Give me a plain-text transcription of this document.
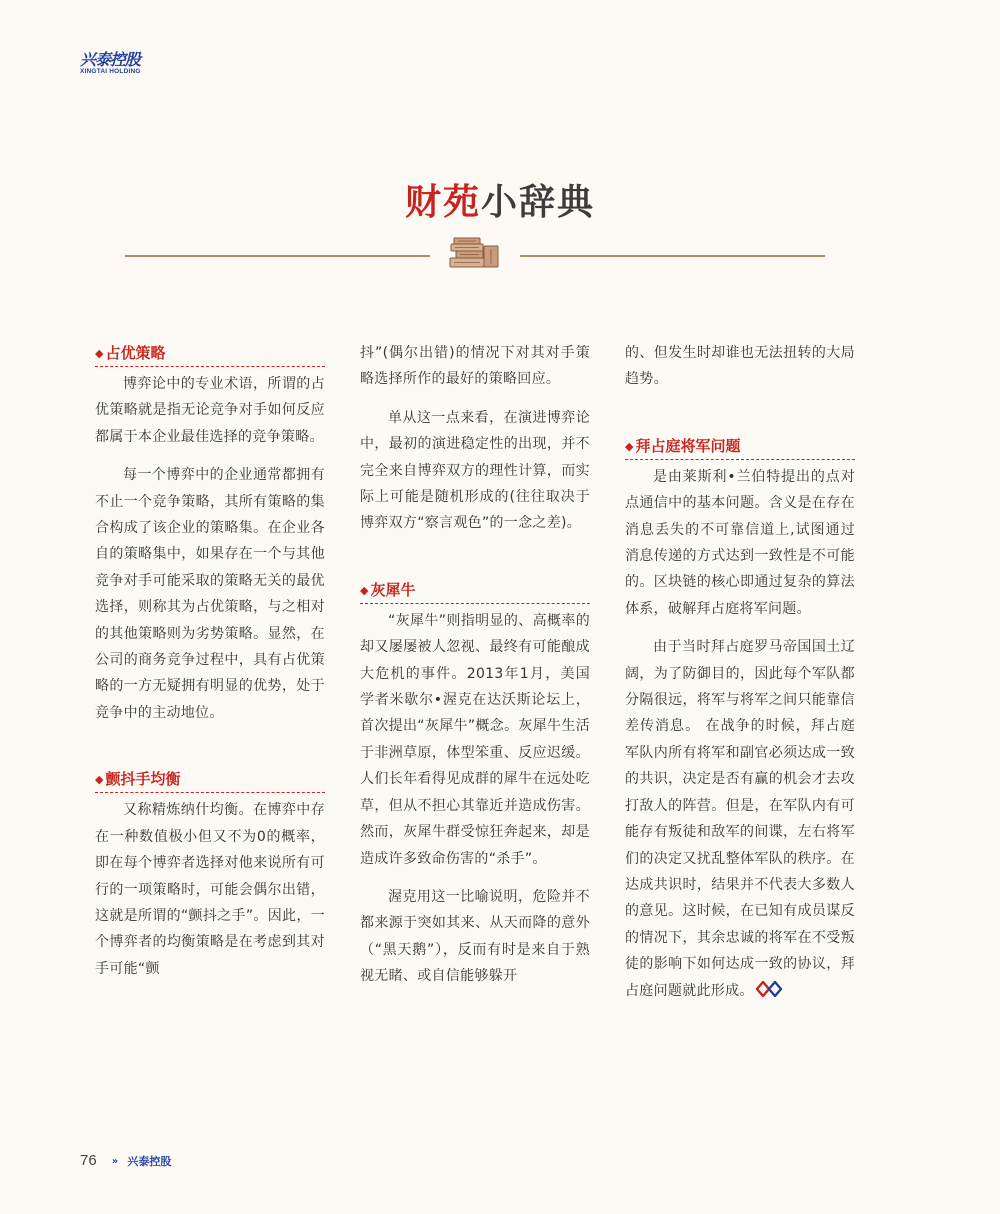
兴泰控股
XINGTAI HOLDING
财苑小辞典
◆ 占优策略

博弈论中的专业术语，所谓的占优策略就是指无论竞争对手如何反应都属于本企业最佳选择的竞争策略。

每一个博弈中的企业通常都拥有不止一个竞争策略，其所有策略的集合构成了该企业的策略集。在企业各自的策略集中，如果存在一个与其他竞争对手可能采取的策略无关的最优选择，则称其为占优策略，与之相对的其他策略则为劣势策略。显然，在公司的商务竞争过程中，具有占优策略的一方无疑拥有明显的优势，处于竞争中的主动地位。

◆ 颤抖手均衡

又称精炼纳什均衡。在博弈中存在一种数值极小但又不为0的概率，即在每个博弈者选择对他来说所有可行的一项策略时，可能会偶尔出错，这就是所谓的“颤抖之手”。因此，一个博弈者的均衡策略是在考虑到其对手可能“颤

抖”(偶尔出错)的情况下对其对手策略选择所作的最好的策略回应。

单从这一点来看，在演进博弈论中，最初的演进稳定性的出现，并不完全来自博弈双方的理性计算，而实际上可能是随机形成的(往往取决于博弈双方“察言观色”的一念之差)。

◆ 灰犀牛

“灰犀牛”则指明显的、高概率的却又屡屡被人忽视、最终有可能酿成大危机的事件。2013年1月，美国学者米歇尔•渥克在达沃斯论坛上，首次提出“灰犀牛”概念。灰犀牛生活于非洲草原，体型笨重、反应迟缓。人们长年看得见成群的犀牛在远处吃草，但从不担心其靠近并造成伤害。然而，灰犀牛群受惊狂奔起来，却是造成许多致命伤害的“杀手”。

渥克用这一比喻说明，危险并不都来源于突如其来、从天而降的意外（“黑天鹅”），反而有时是来自于熟视无睹、或自信能够躲开

的、但发生时却谁也无法扭转的大局趋势。

◆ 拜占庭将军问题

是由莱斯利•兰伯特提出的点对点通信中的基本问题。含义是在存在消息丢失的不可靠信道上,试图通过消息传递的方式达到一致性是不可能的。区块链的核心即通过复杂的算法体系，破解拜占庭将军问题。

由于当时拜占庭罗马帝国国土辽阔，为了防御目的，因此每个军队都分隔很远，将军与将军之间只能靠信差传消息。 在战争的时候，拜占庭军队内所有将军和副官必须达成一致的共识，决定是否有赢的机会才去攻打敌人的阵营。但是，在军队内有可能存有叛徒和敌军的间谍，左右将军们的决定又扰乱整体军队的秩序。在达成共识时，结果并不代表大多数人的意见。这时候，在已知有成员谋反的情况下，其余忠诚的将军在不受叛徒的影响下如何达成一致的协议，拜占庭问题就此形成。

76 » 兴泰控股
